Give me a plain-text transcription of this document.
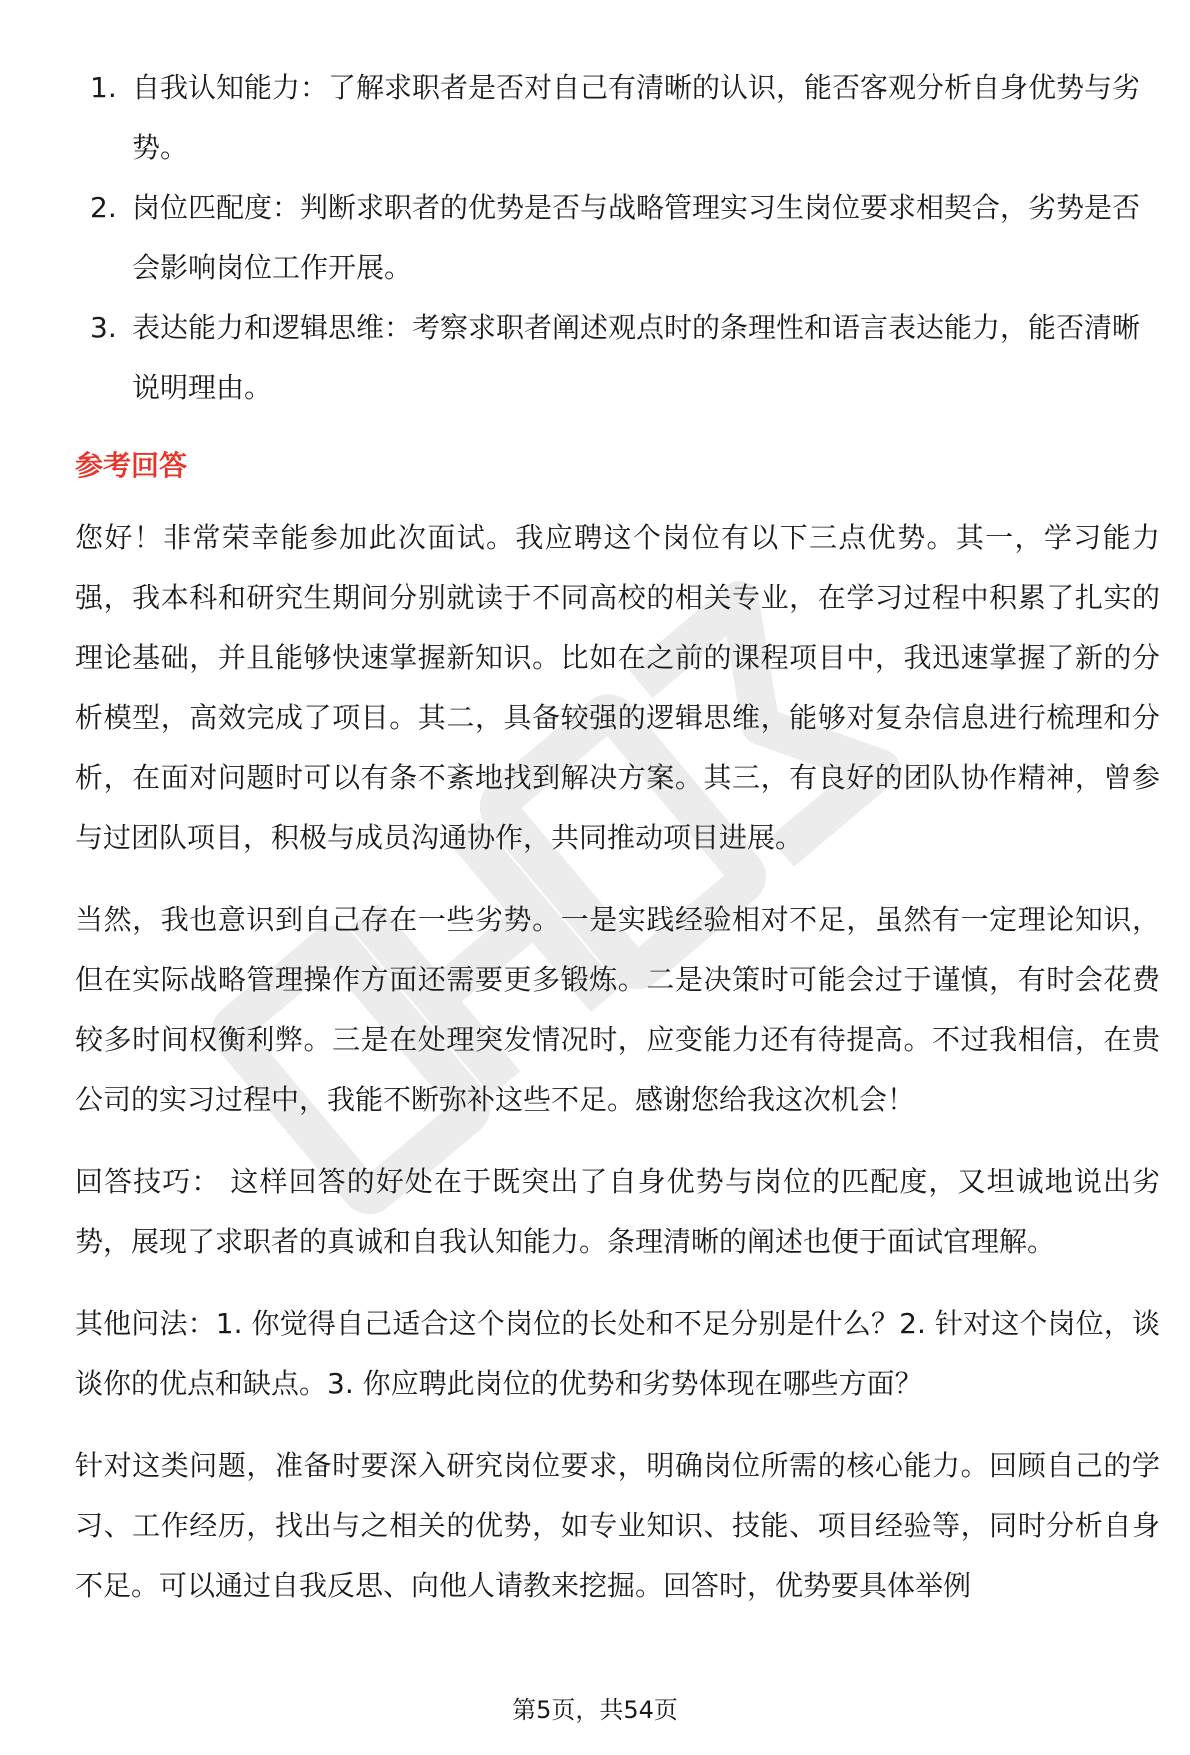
1. 自我认知能力：了解求职者是否对自己有清晰的认识，能否客观分析自身优势与劣势。
2. 岗位匹配度：判断求职者的优势是否与战略管理实习生岗位要求相契合，劣势是否会影响岗位工作开展。
3. 表达能力和逻辑思维：考察求职者阐述观点时的条理性和语言表达能力，能否清晰说明理由。
参考回答

您好！非常荣幸能参加此次面试。我应聘这个岗位有以下三点优势。其一，学习能力强，我本科和研究生期间分别就读于不同高校的相关专业，在学习过程中积累了扎实的理论基础，并且能够快速掌握新知识。比如在之前的课程项目中，我迅速掌握了新的分析模型，高效完成了项目。其二，具备较强的逻辑思维，能够对复杂信息进行梳理和分析，在面对问题时可以有条不紊地找到解决方案。其三，有良好的团队协作精神，曾参与过团队项目，积极与成员沟通协作，共同推动项目进展。

当然，我也意识到自己存在一些劣势。一是实践经验相对不足，虽然有一定理论知识，但在实际战略管理操作方面还需要更多锻炼。二是决策时可能会过于谨慎，有时会花费较多时间权衡利弊。三是在处理突发情况时，应变能力还有待提高。不过我相信，在贵公司的实习过程中，我能不断弥补这些不足。感谢您给我这次机会！

回答技巧： 这样回答的好处在于既突出了自身优势与岗位的匹配度，又坦诚地说出劣势，展现了求职者的真诚和自我认知能力。条理清晰的阐述也便于面试官理解。

其他问法：1. 你觉得自己适合这个岗位的长处和不足分别是什么？2. 针对这个岗位，谈谈你的优点和缺点。3. 你应聘此岗位的优势和劣势体现在哪些方面？

针对这类问题，准备时要深入研究岗位要求，明确岗位所需的核心能力。回顾自己的学习、工作经历，找出与之相关的优势，如专业知识、技能、项目经验等，同时分析自身不足。可以通过自我反思、向他人请教来挖掘。回答时，优势要具体举例

第5页，共54页
